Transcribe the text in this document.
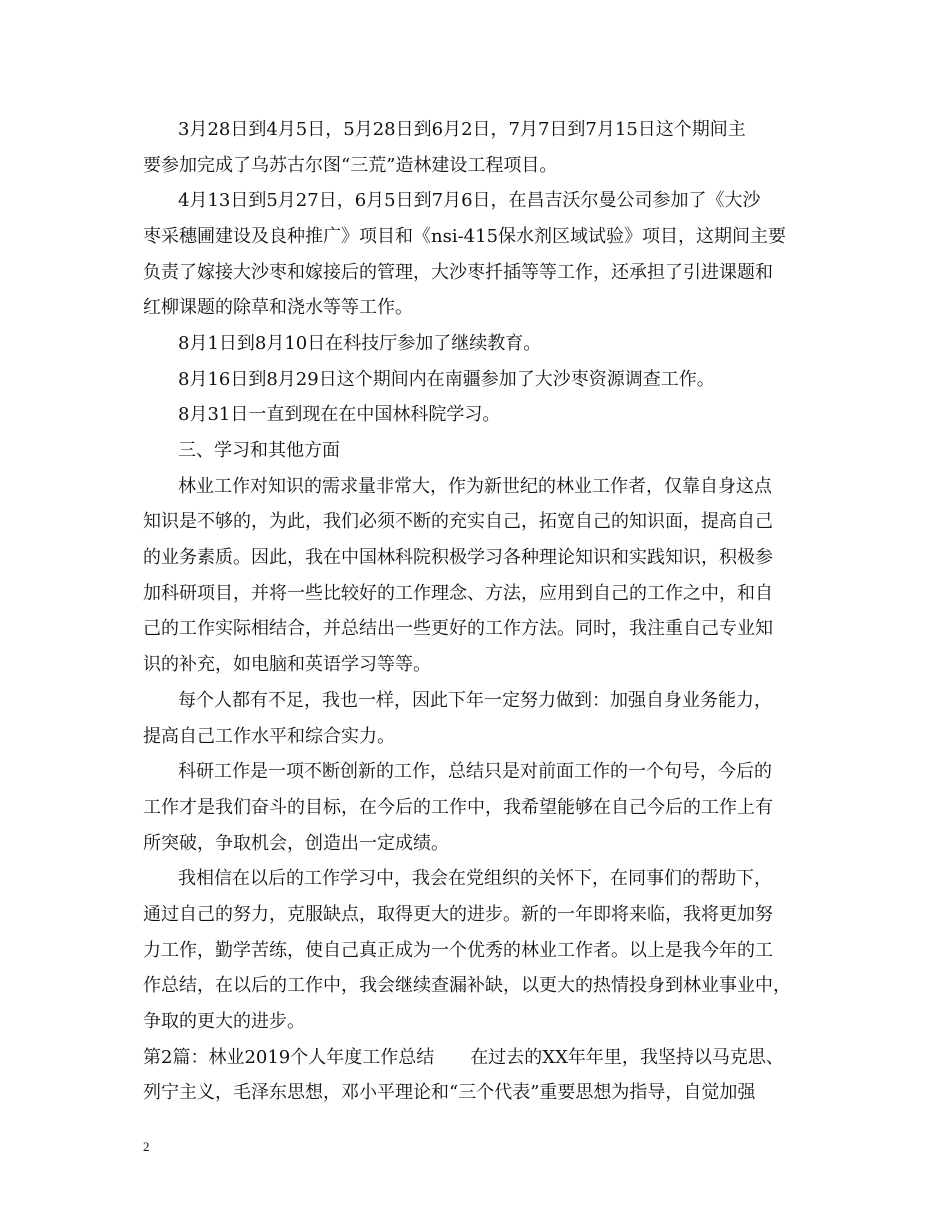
3月28日到4月5日，5月28日到6月2日，7月7日到7月15日这个期间主
要参加完成了乌苏古尔图“三荒”造林建设工程项目。
4月13日到5月27日，6月5日到7月6日，在昌吉沃尔曼公司参加了《大沙
枣采穗圃建设及良种推广》项目和《nsi-415保水剂区域试验》项目，这期间主要
负责了嫁接大沙枣和嫁接后的管理，大沙枣扦插等等工作，还承担了引进课题和
红柳课题的除草和浇水等等工作。
8月1日到8月10日在科技厅参加了继续教育。
8月16日到8月29日这个期间内在南疆参加了大沙枣资源调查工作。
8月31日一直到现在在中国林科院学习。
三、学习和其他方面
林业工作对知识的需求量非常大，作为新世纪的林业工作者，仅靠自身这点
知识是不够的，为此，我们必须不断的充实自己，拓宽自己的知识面，提高自己
的业务素质。因此，我在中国林科院积极学习各种理论知识和实践知识，积极参
加科研项目，并将一些比较好的工作理念、方法，应用到自己的工作之中，和自
己的工作实际相结合，并总结出一些更好的工作方法。同时，我注重自己专业知
识的补充，如电脑和英语学习等等。
每个人都有不足，我也一样，因此下年一定努力做到：加强自身业务能力，
提高自己工作水平和综合实力。
科研工作是一项不断创新的工作，总结只是对前面工作的一个句号，今后的
工作才是我们奋斗的目标，在今后的工作中，我希望能够在自己今后的工作上有
所突破，争取机会，创造出一定成绩。
我相信在以后的工作学习中，我会在党组织的关怀下，在同事们的帮助下，
通过自己的努力，克服缺点，取得更大的进步。新的一年即将来临，我将更加努
力工作，勤学苦练，使自己真正成为一个优秀的林业工作者。以上是我今年的工
作总结，在以后的工作中，我会继续查漏补缺，以更大的热情投身到林业事业中，
争取的更大的进步。
第2篇：林业2019个人年度工作总结　　在过去的XX年年里，我坚持以马克思、
列宁主义，毛泽东思想，邓小平理论和“三个代表”重要思想为指导，自觉加强
2
